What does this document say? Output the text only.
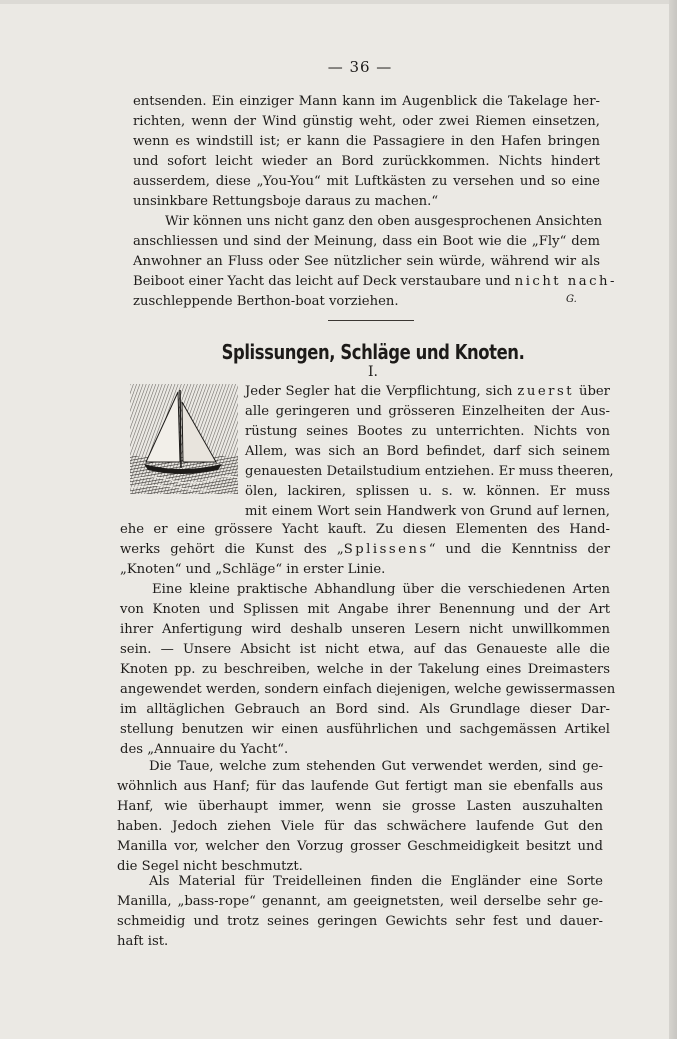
— 36 —
entsenden. Ein einziger Mann kann im Augenblick die Takelage her-
richten, wenn der Wind günstig weht, oder zwei Riemen einsetzen,
wenn es windstill ist; er kann die Passagiere in den Hafen bringen
und sofort leicht wieder an Bord zurückkommen. Nichts hindert
ausserdem, diese „You-You“ mit Luftkästen zu versehen und so eine
unsinkbare Rettungsboje daraus zu machen.“
Wir können uns nicht ganz den oben ausgesprochenen Ansichten
anschliessen und sind der Meinung, dass ein Boot wie die „Fly“ dem
Anwohner an Fluss oder See nützlicher sein würde, während wir als
Beiboot einer Yacht das leicht auf Deck verstaubare und nicht nach-
zuschleppende Berthon-boat vorziehen.	G.
Splissungen, Schläge und Knoten.
I.
Jeder Segler hat die Verpflichtung, sich zuerst über
alle geringeren und grösseren Einzelheiten der Aus-
rüstung seines Bootes zu unterrichten. Nichts von
Allem, was sich an Bord befindet, darf sich seinem
genauesten Detailstudium entziehen. Er muss theeren,
ölen, lackiren, splissen u. s. w. können. Er muss
mit einem Wort sein Handwerk von Grund auf lernen,
ehe er eine grössere Yacht kauft. Zu diesen Elementen des Hand-
werks gehört die Kunst des „Splissens“ und die Kenntniss der
„Knoten“ und „Schläge“ in erster Linie.
Eine kleine praktische Abhandlung über die verschiedenen Arten
von Knoten und Splissen mit Angabe ihrer Benennung und der Art
ihrer Anfertigung wird deshalb unseren Lesern nicht unwillkommen
sein. — Unsere Absicht ist nicht etwa, auf das Genaueste alle die
Knoten pp. zu beschreiben, welche in der Takelung eines Dreimasters
angewendet werden, sondern einfach diejenigen, welche gewissermassen
im alltäglichen Gebrauch an Bord sind. Als Grundlage dieser Dar-
stellung benutzen wir einen ausführlichen und sachgemässen Artikel
des „Annuaire du Yacht“.
Die Taue, welche zum stehenden Gut verwendet werden, sind ge-
wöhnlich aus Hanf; für das laufende Gut fertigt man sie ebenfalls aus
Hanf, wie überhaupt immer, wenn sie grosse Lasten auszuhalten
haben. Jedoch ziehen Viele für das schwächere laufende Gut den
Manilla vor, welcher den Vorzug grosser Geschmeidigkeit besitzt und
die Segel nicht beschmutzt.
Als Material für Treidelleinen finden die Engländer eine Sorte
Manilla, „bass-rope“ genannt, am geeignetsten, weil derselbe sehr ge-
schmeidig und trotz seines geringen Gewichts sehr fest und dauer-
haft ist.
